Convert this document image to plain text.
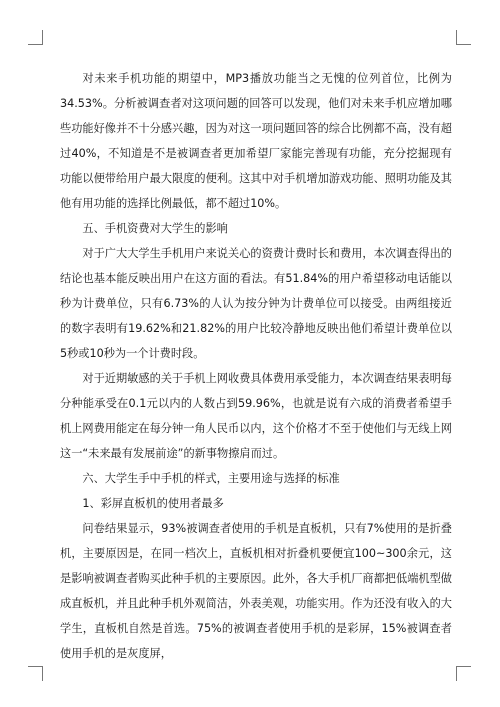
对未来手机功能的期望中，MP3播放功能当之无愧的位列首位，比例为34.53%。分析被调查者对这项问题的回答可以发现，他们对未来手机应增加哪些功能好像并不十分感兴趣，因为对这一项问题回答的综合比例都不高，没有超过40%，不知道是不是被调查者更加希望厂家能完善现有功能，充分挖掘现有功能以便带给用户最大限度的便利。这其中对手机增加游戏功能、照明功能及其他有用功能的选择比例最低，都不超过10%。

五、手机资费对大学生的影响

对于广大大学生手机用户来说关心的资费计费时长和费用，本次调查得出的结论也基本能反映出用户在这方面的看法。有51.84%的用户希望移动电话能以秒为计费单位，只有6.73%的人认为按分钟为计费单位可以接受。由两组接近的数字表明有19.62%和21.82%的用户比较冷静地反映出他们希望计费单位以5秒或10秒为一个计费时段。

对于近期敏感的关于手机上网收费具体费用承受能力，本次调查结果表明每分种能承受在0.1元以内的人数占到59.96%，也就是说有六成的消费者希望手机上网费用能定在每分钟一角人民币以内，这个价格才不至于使他们与无线上网这一“未来最有发展前途”的新事物擦肩而过。

六、大学生手中手机的样式，主要用途与选择的标准

1、彩屏直板机的使用者最多

问卷结果显示，93%被调查者使用的手机是直板机，只有7%使用的是折叠机，主要原因是，在同一档次上，直板机相对折叠机要便宜100~300余元，这是影响被调查者购买此种手机的主要原因。此外，各大手机厂商都把低端机型做成直板机，并且此种手机外观简洁，外表美观，功能实用。作为还没有收入的大学生，直板机自然是首选。75%的被调查者使用手机的是彩屏，15%被调查者使用手机的是灰度屏，
